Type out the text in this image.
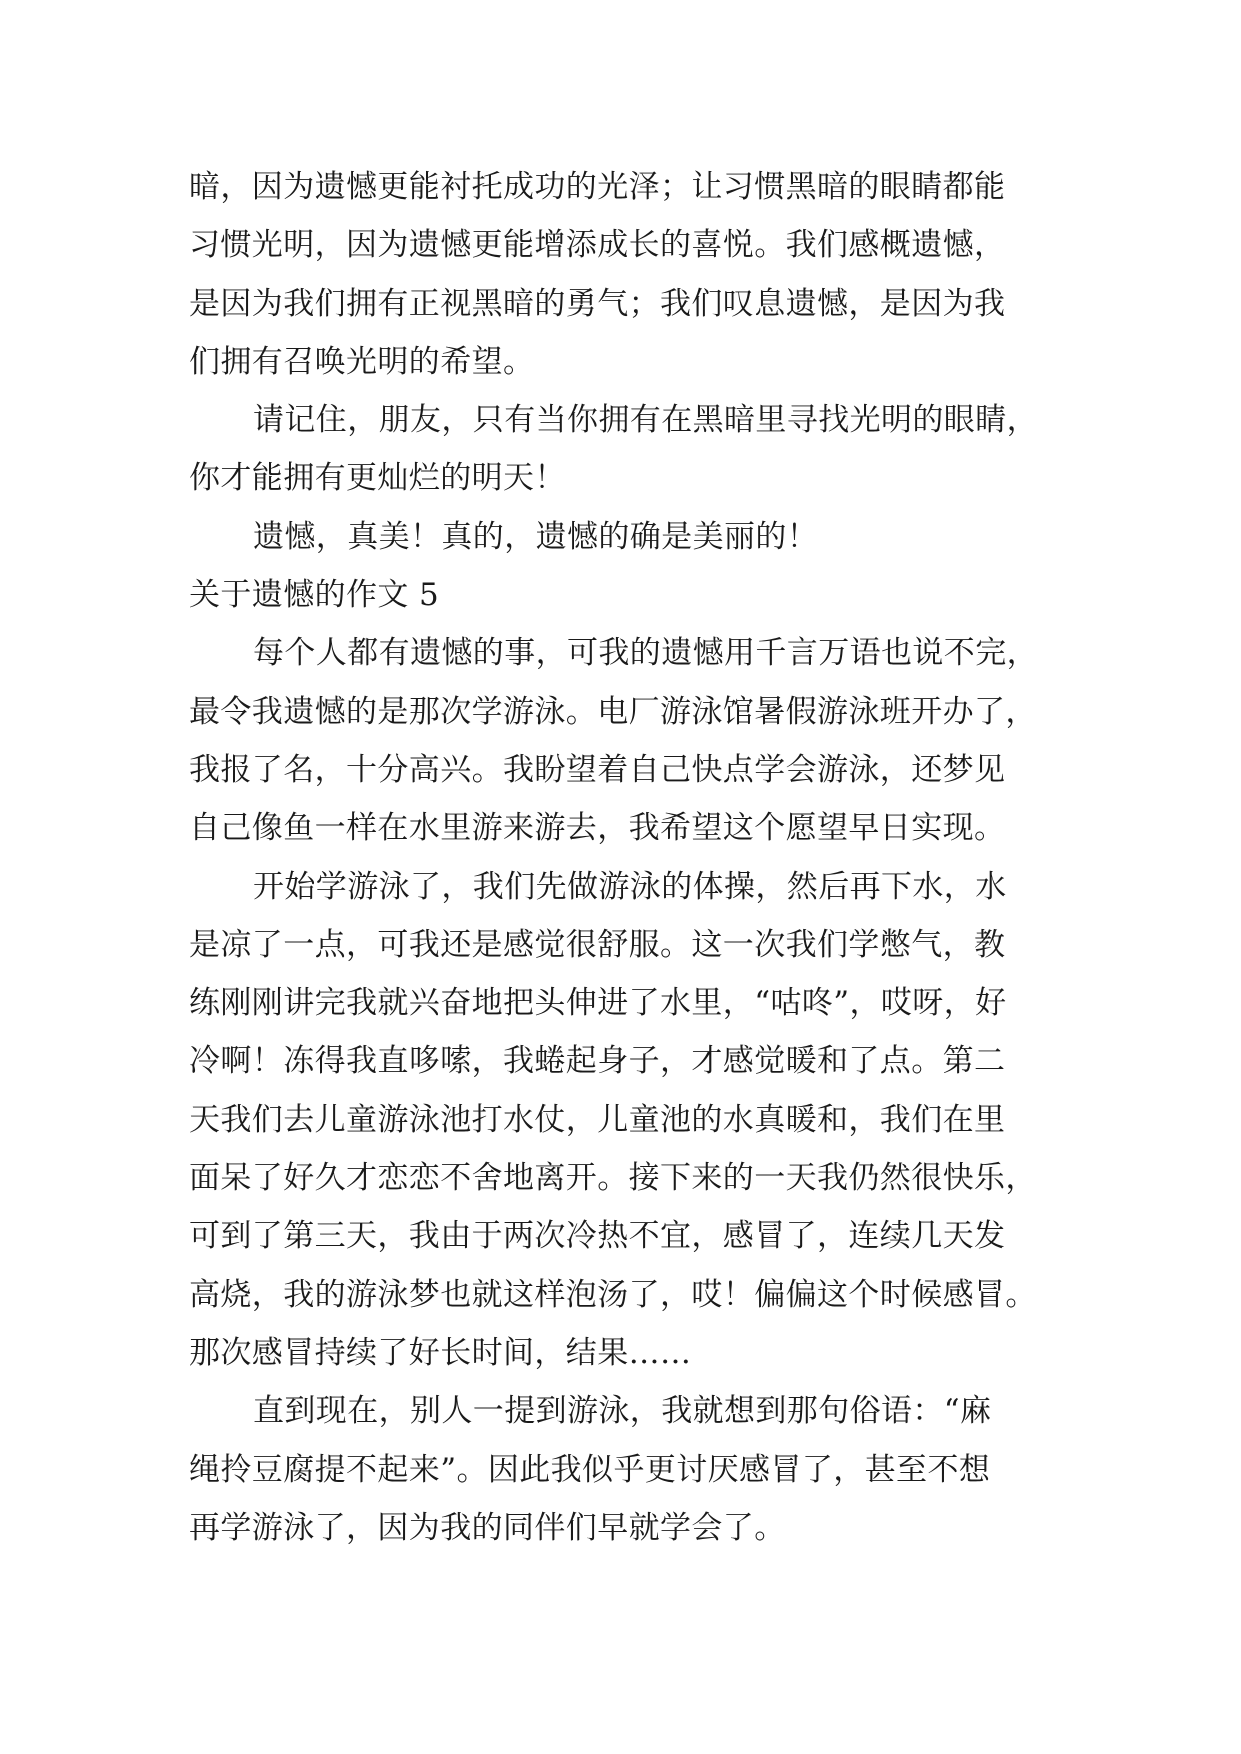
暗，因为遗憾更能衬托成功的光泽；让习惯黑暗的眼睛都能
习惯光明，因为遗憾更能增添成长的喜悦。我们感概遗憾，
是因为我们拥有正视黑暗的勇气；我们叹息遗憾，是因为我
们拥有召唤光明的希望。
请记住，朋友，只有当你拥有在黑暗里寻找光明的眼睛，
你才能拥有更灿烂的明天！
遗憾，真美！真的，遗憾的确是美丽的！
关于遗憾的作文 5
每个人都有遗憾的事，可我的遗憾用千言万语也说不完，
最令我遗憾的是那次学游泳。电厂游泳馆暑假游泳班开办了，
我报了名，十分高兴。我盼望着自己快点学会游泳，还梦见
自己像鱼一样在水里游来游去，我希望这个愿望早日实现。
开始学游泳了，我们先做游泳的体操，然后再下水，水
是凉了一点，可我还是感觉很舒服。这一次我们学憋气，教
练刚刚讲完我就兴奋地把头伸进了水里，“咕咚”，哎呀，好
冷啊！冻得我直哆嗦，我蜷起身子，才感觉暖和了点。第二
天我们去儿童游泳池打水仗，儿童池的水真暖和，我们在里
面呆了好久才恋恋不舍地离开。接下来的一天我仍然很快乐，
可到了第三天，我由于两次冷热不宜，感冒了，连续几天发
高烧，我的游泳梦也就这样泡汤了，哎！偏偏这个时候感冒。
那次感冒持续了好长时间，结果……
直到现在，别人一提到游泳，我就想到那句俗语：“麻
绳拎豆腐提不起来”。因此我似乎更讨厌感冒了，甚至不想
再学游泳了，因为我的同伴们早就学会了。
